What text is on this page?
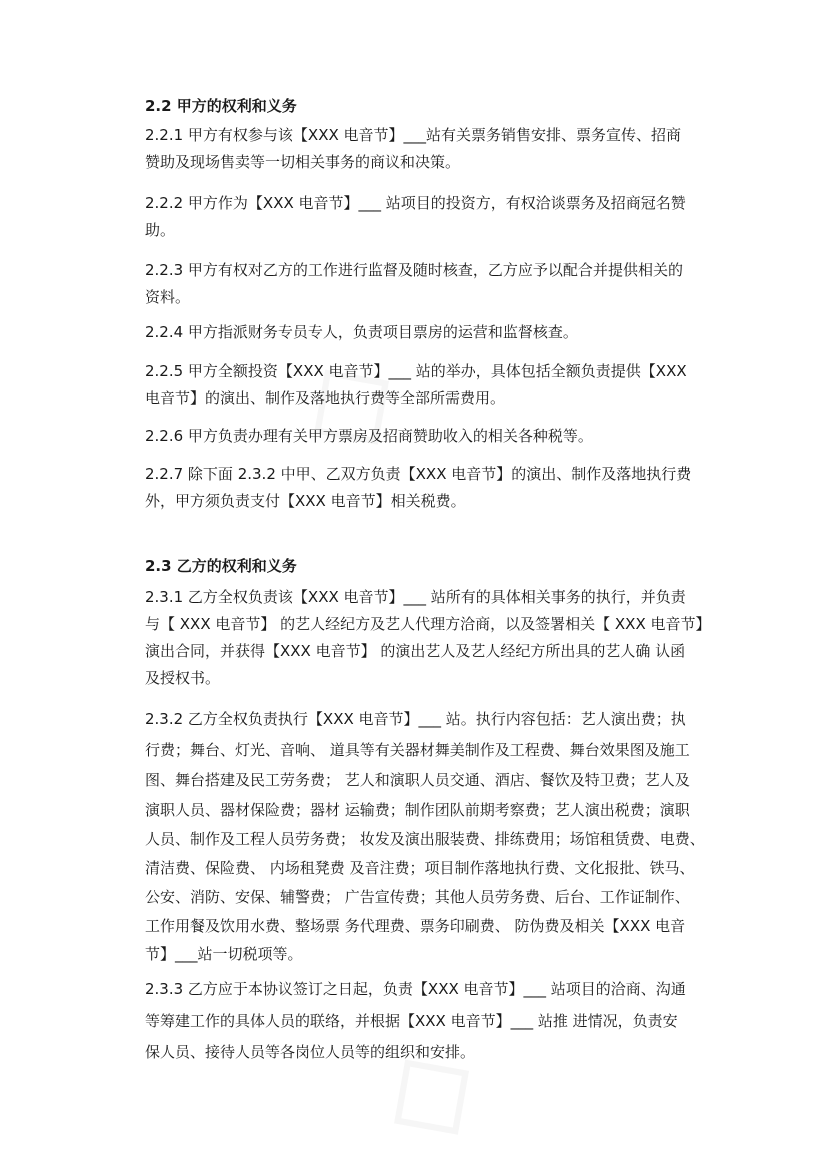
2.2 甲方的权利和义务
2.2.1 甲方有权参与该【XXX 电音节】___站有关票务销售安排、票务宣传、招商
赞助及现场售卖等一切相关事务的商议和决策。
2.2.2 甲方作为【XXX 电音节】___ 站项目的投资方，有权洽谈票务及招商冠名赞
助。
2.2.3 甲方有权对乙方的工作进行监督及随时核查，乙方应予以配合并提供相关的
资料。
2.2.4 甲方指派财务专员专人，负责项目票房的运营和监督核查。
2.2.5 甲方全额投资【XXX 电音节】___ 站的举办，具体包括全额负责提供【XXX
电音节】的演出、制作及落地执行费等全部所需费用。
2.2.6 甲方负责办理有关甲方票房及招商赞助收入的相关各种税等。
2.2.7 除下面 2.3.2 中甲、乙双方负责【XXX 电音节】的演出、制作及落地执行费
外，甲方须负责支付【XXX 电音节】相关税费。
2.3 乙方的权利和义务
2.3.1 乙方全权负责该【XXX 电音节】___ 站所有的具体相关事务的执行，并负责
与【 XXX 电音节】 的艺人经纪方及艺人代理方洽商，以及签署相关【 XXX 电音节】
演出合同，并获得【XXX 电音节】 的演出艺人及艺人经纪方所出具的艺人确 认函
及授权书。
2.3.2 乙方全权负责执行【XXX 电音节】___ 站。执行内容包括：艺人演出费；执
行费；舞台、灯光、音响、 道具等有关器材舞美制作及工程费、舞台效果图及施工
图、舞台搭建及民工劳务费； 艺人和演职人员交通、酒店、餐饮及特卫费；艺人及
演职人员、器材保险费；器材 运输费；制作团队前期考察费；艺人演出税费；演职
人员、制作及工程人员劳务费； 妆发及演出服装费、排练费用；场馆租赁费、电费、
清洁费、保险费、 内场租凳费 及音注费；项目制作落地执行费、文化报批、铁马、
公安、消防、安保、辅警费； 广告宣传费；其他人员劳务费、后台、工作证制作、
工作用餐及饮用水费、整场票 务代理费、票务印刷费、 防伪费及相关【XXX 电音
节】___站一切税项等。
2.3.3 乙方应于本协议签订之日起，负责【XXX 电音节】___ 站项目的洽商、沟通
等筹建工作的具体人员的联络，并根据【XXX 电音节】___ 站推 进情况，负责安
保人员、接待人员等各岗位人员等的组织和安排。
